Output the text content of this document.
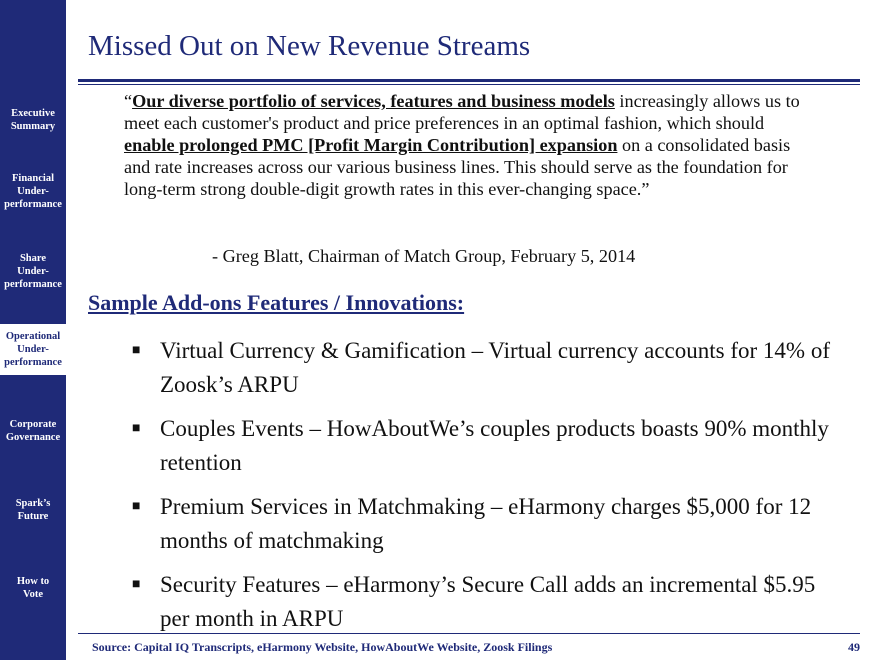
Executive
Summary
Financial
Under-
performance
Share
Under-
performance
Operational
Under-
performance
Corporate
Governance
Spark’s
Future
How to
Vote
Missed Out on New Revenue Streams

“Our diverse portfolio of services, features and business models increasingly allows us to meet each customer's product and price preferences in an optimal fashion, which should enable prolonged PMC [Profit Margin Contribution] expansion on a consolidated basis and rate increases across our various business lines. This should serve as the foundation for long-term strong double-digit growth rates in this ever-changing space.”

- Greg Blatt, Chairman of Match Group, February 5, 2014
Sample Add-ons Features / Innovations:
■ Virtual Currency & Gamification – Virtual currency accounts for 14% of Zoosk’s ARPU
■ Couples Events – HowAboutWe’s couples products boasts 90% monthly retention
■ Premium Services in Matchmaking – eHarmony charges $5,000 for 12 months of matchmaking
■ Security Features – eHarmony’s Secure Call adds an incremental $5.95 per month in ARPU
Source: Capital IQ Transcripts, eHarmony Website, HowAboutWe Website, Zoosk Filings	49
